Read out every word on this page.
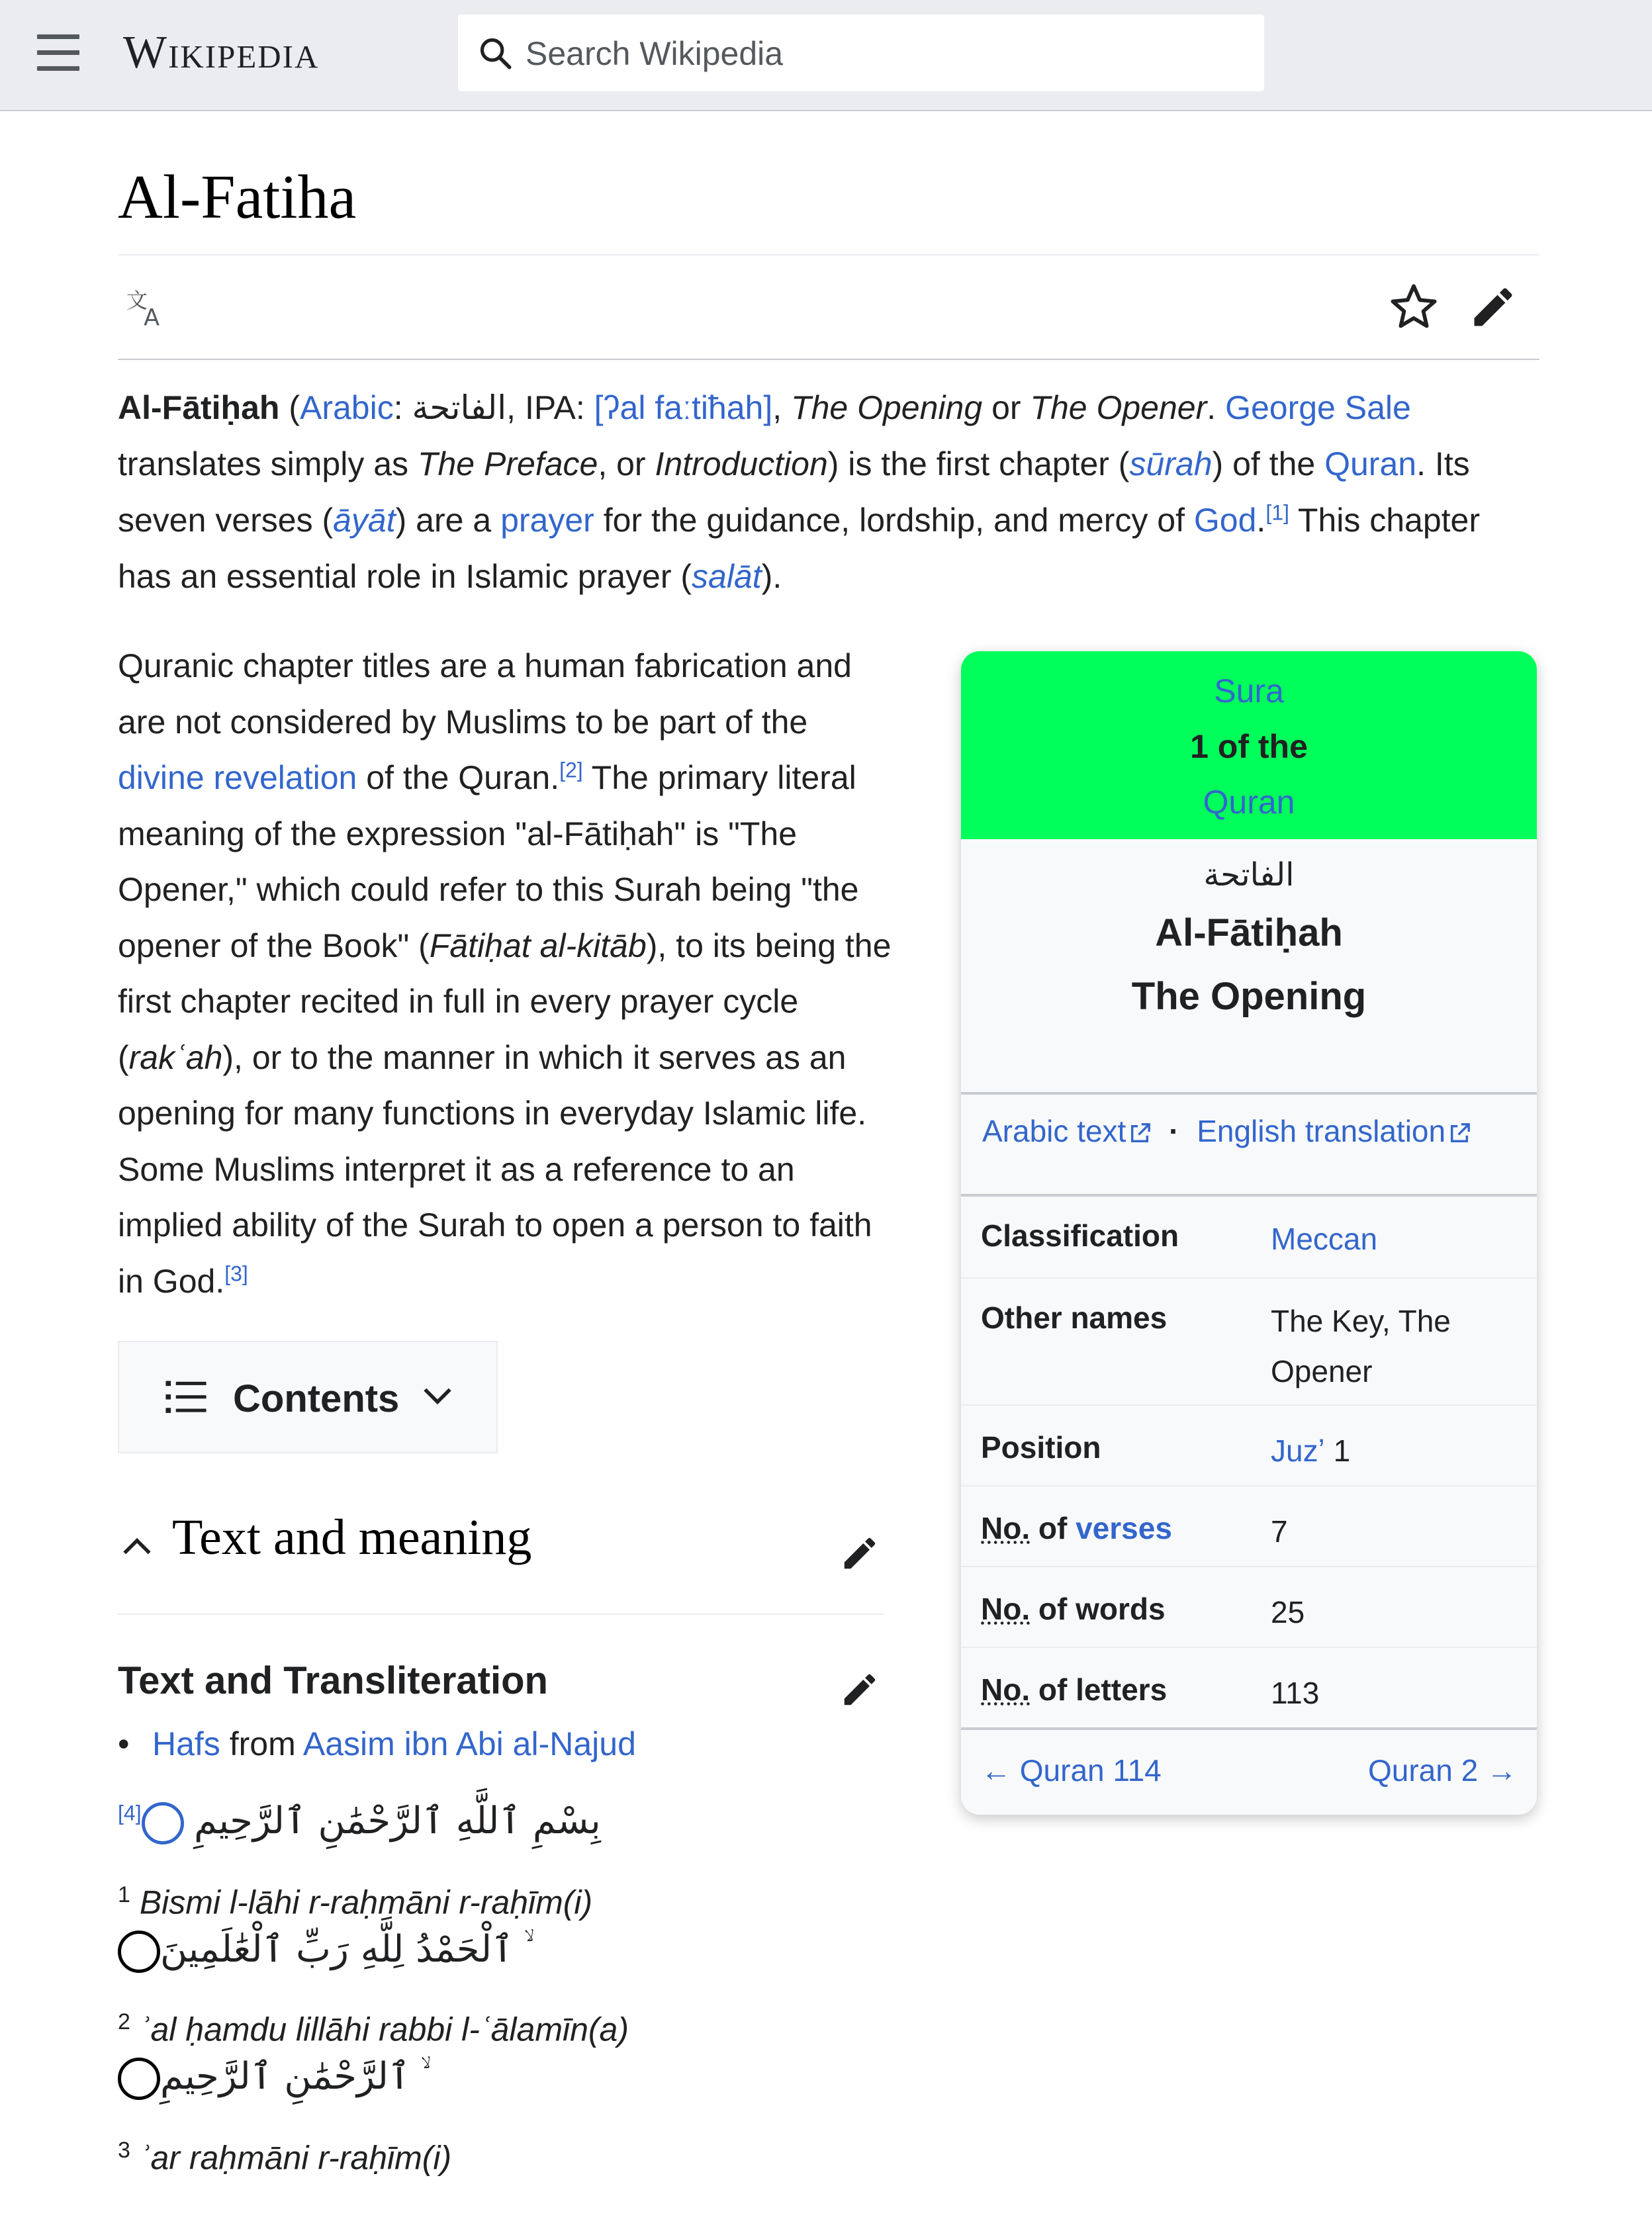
Wikipedia
Search Wikipedia
Al-Fatiha
文
A

Al-Fātiḥah (Arabic: الفاتحة, IPA: [ʔal faːtiħah], The Opening or The Opener. George Sale translates simply as The Preface, or Introduction) is the first chapter (sūrah) of the Quran. Its seven verses (āyāt) are a prayer for the guidance, lordship, and mercy of God.[1] This chapter has an essential role in Islamic prayer (salāt).

Quranic chapter titles are a human fabrication and are not considered by Muslims to be part of the divine revelation of the Quran.[2] The primary literal meaning of the expression "al-Fātiḥah" is "The Opener," which could refer to this Surah being "the opener of the Book" (Fātiḥat al-kitāb), to its being the first chapter recited in full in every prayer cycle (rakʿah), or to the manner in which it serves as an opening for many functions in everyday Islamic life. Some Muslims interpret it as a reference to an implied ability of the Surah to open a person to faith in God.[3]

Contents
Text and meaning
Text and Transliteration
• Hafs from Aasim ibn Abi al-Najud
[4] بِسْمِ ٱللَّهِ ٱلرَّحْمَٰنِ ٱلرَّحِيمِ
$^1$ Bismi l-lāhi r-raḥmāni r-raḥīm(i)
ٱلْحَمْدُ لِلَّهِ رَبِّ ٱلْعَٰلَمِينَ
$^2$ ʾal ḥamdu lillāhi rabbi l-ʿālamīn(a)
ٱلرَّحْمَٰنِ ٱلرَّحِيمِ
$^3$ ʾar raḥmāni r-raḥīm(i)
Sura
1 of the
Quran
الفاتحة
Al-Fātiḥah
The Opening
Arabic text · English translation
Classification	Meccan
Other names	The Key, The Opener
Position	Juzʼ 1
No. of verses	7
No. of words	25
No. of letters	113
← Quran 114	Quran 2 →
